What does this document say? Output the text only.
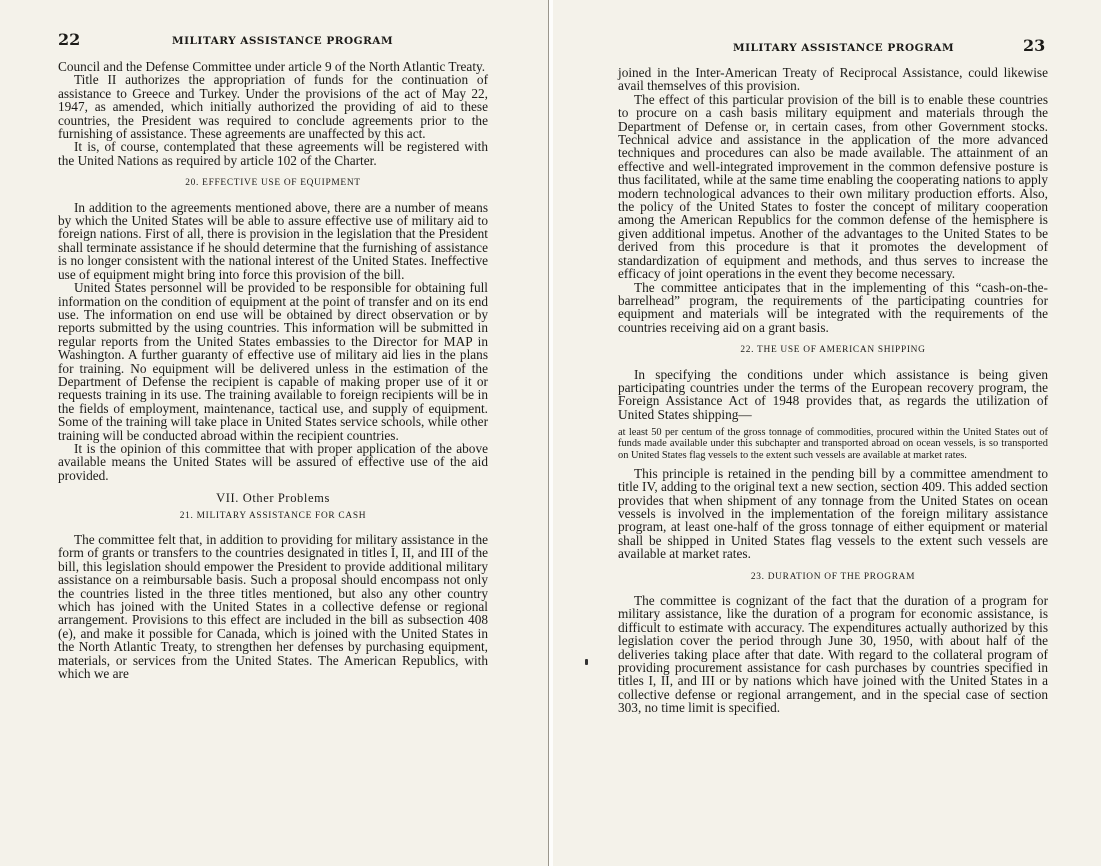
22	MILITARY ASSISTANCE PROGRAM

Council and the Defense Committee under article 9 of the North Atlantic Treaty.

Title II authorizes the appropriation of funds for the continuation of assistance to Greece and Turkey. Under the provisions of the act of May 22, 1947, as amended, which initially authorized the providing of aid to these countries, the President was required to conclude agreements prior to the furnishing of assistance. These agreements are unaffected by this act.

It is, of course, contemplated that these agreements will be registered with the United Nations as required by article 102 of the Charter.

20. EFFECTIVE USE OF EQUIPMENT

In addition to the agreements mentioned above, there are a number of means by which the United States will be able to assure effective use of military aid to foreign nations. First of all, there is provision in the legislation that the President shall terminate assistance if he should determine that the furnishing of assistance is no longer consistent with the national interest of the United States. Ineffective use of equipment might bring into force this provision of the bill.

United States personnel will be provided to be responsible for obtaining full information on the condition of equipment at the point of transfer and on its end use. The information on end use will be obtained by direct observation or by reports submitted by the using countries. This information will be submitted in regular reports from the United States embassies to the Director for MAP in Washington. A further guaranty of effective use of military aid lies in the plans for training. No equipment will be delivered unless in the estimation of the Department of Defense the recipient is capable of making proper use of it or requests training in its use. The training available to foreign recipients will be in the fields of employment, maintenance, tactical use, and supply of equipment. Some of the training will take place in United States service schools, while other training will be conducted abroad within the recipient countries.

It is the opinion of this committee that with proper application of the above available means the United States will be assured of effective use of the aid provided.

VII. Other Problems
21. MILITARY ASSISTANCE FOR CASH

The committee felt that, in addition to providing for military assistance in the form of grants or transfers to the countries designated in titles I, II, and III of the bill, this legislation should empower the President to provide additional military assistance on a reimbursable basis. Such a proposal should encompass not only the countries listed in the three titles mentioned, but also any other country which has joined with the United States in a collective defense or regional arrangement. Provisions to this effect are included in the bill as subsection 408 (e), and make it possible for Canada, which is joined with the United States in the North Atlantic Treaty, to strengthen her defenses by purchasing equipment, materials, or services from the United States. The American Republics, with which we are

MILITARY ASSISTANCE PROGRAM	23

joined in the Inter-American Treaty of Reciprocal Assistance, could likewise avail themselves of this provision.

The effect of this particular provision of the bill is to enable these countries to procure on a cash basis military equipment and materials through the Department of Defense or, in certain cases, from other Government stocks. Technical advice and assistance in the application of the more advanced techniques and procedures can also be made available. The attainment of an effective and well-integrated improvement in the common defensive posture is thus facilitated, while at the same time enabling the cooperating nations to apply modern technological advances to their own military production efforts. Also, the policy of the United States to foster the concept of military cooperation among the American Republics for the common defense of the hemisphere is given additional impetus. Another of the advantages to the United States to be derived from this procedure is that it promotes the development of standardization of equipment and methods, and thus serves to increase the efficacy of joint operations in the event they become necessary.

The committee anticipates that in the implementing of this “cash-on-the-barrelhead” program, the requirements of the participating countries for equipment and materials will be integrated with the requirements of the countries receiving aid on a grant basis.

22. THE USE OF AMERICAN SHIPPING

In specifying the conditions under which assistance is being given participating countries under the terms of the European recovery program, the Foreign Assistance Act of 1948 provides that, as regards the utilization of United States shipping—

at least 50 per centum of the gross tonnage of commodities, procured within the United States out of funds made available under this subchapter and transported abroad on ocean vessels, is so transported on United States flag vessels to the extent such vessels are available at market rates.

This principle is retained in the pending bill by a committee amendment to title IV, adding to the original text a new section, section 409. This added section provides that when shipment of any tonnage from the United States on ocean vessels is involved in the implementation of the foreign military assistance program, at least one-half of the gross tonnage of either equipment or material shall be shipped in United States flag vessels to the extent such vessels are available at market rates.

23. DURATION OF THE PROGRAM

The committee is cognizant of the fact that the duration of a program for military assistance, like the duration of a program for economic assistance, is difficult to estimate with accuracy. The expenditures actually authorized by this legislation cover the period through June 30, 1950, with about half of the deliveries taking place after that date. With regard to the collateral program of providing procurement assistance for cash purchases by countries specified in titles I, II, and III or by nations which have joined with the United States in a collective defense or regional arrangement, and in the special case of section 303, no time limit is specified.
